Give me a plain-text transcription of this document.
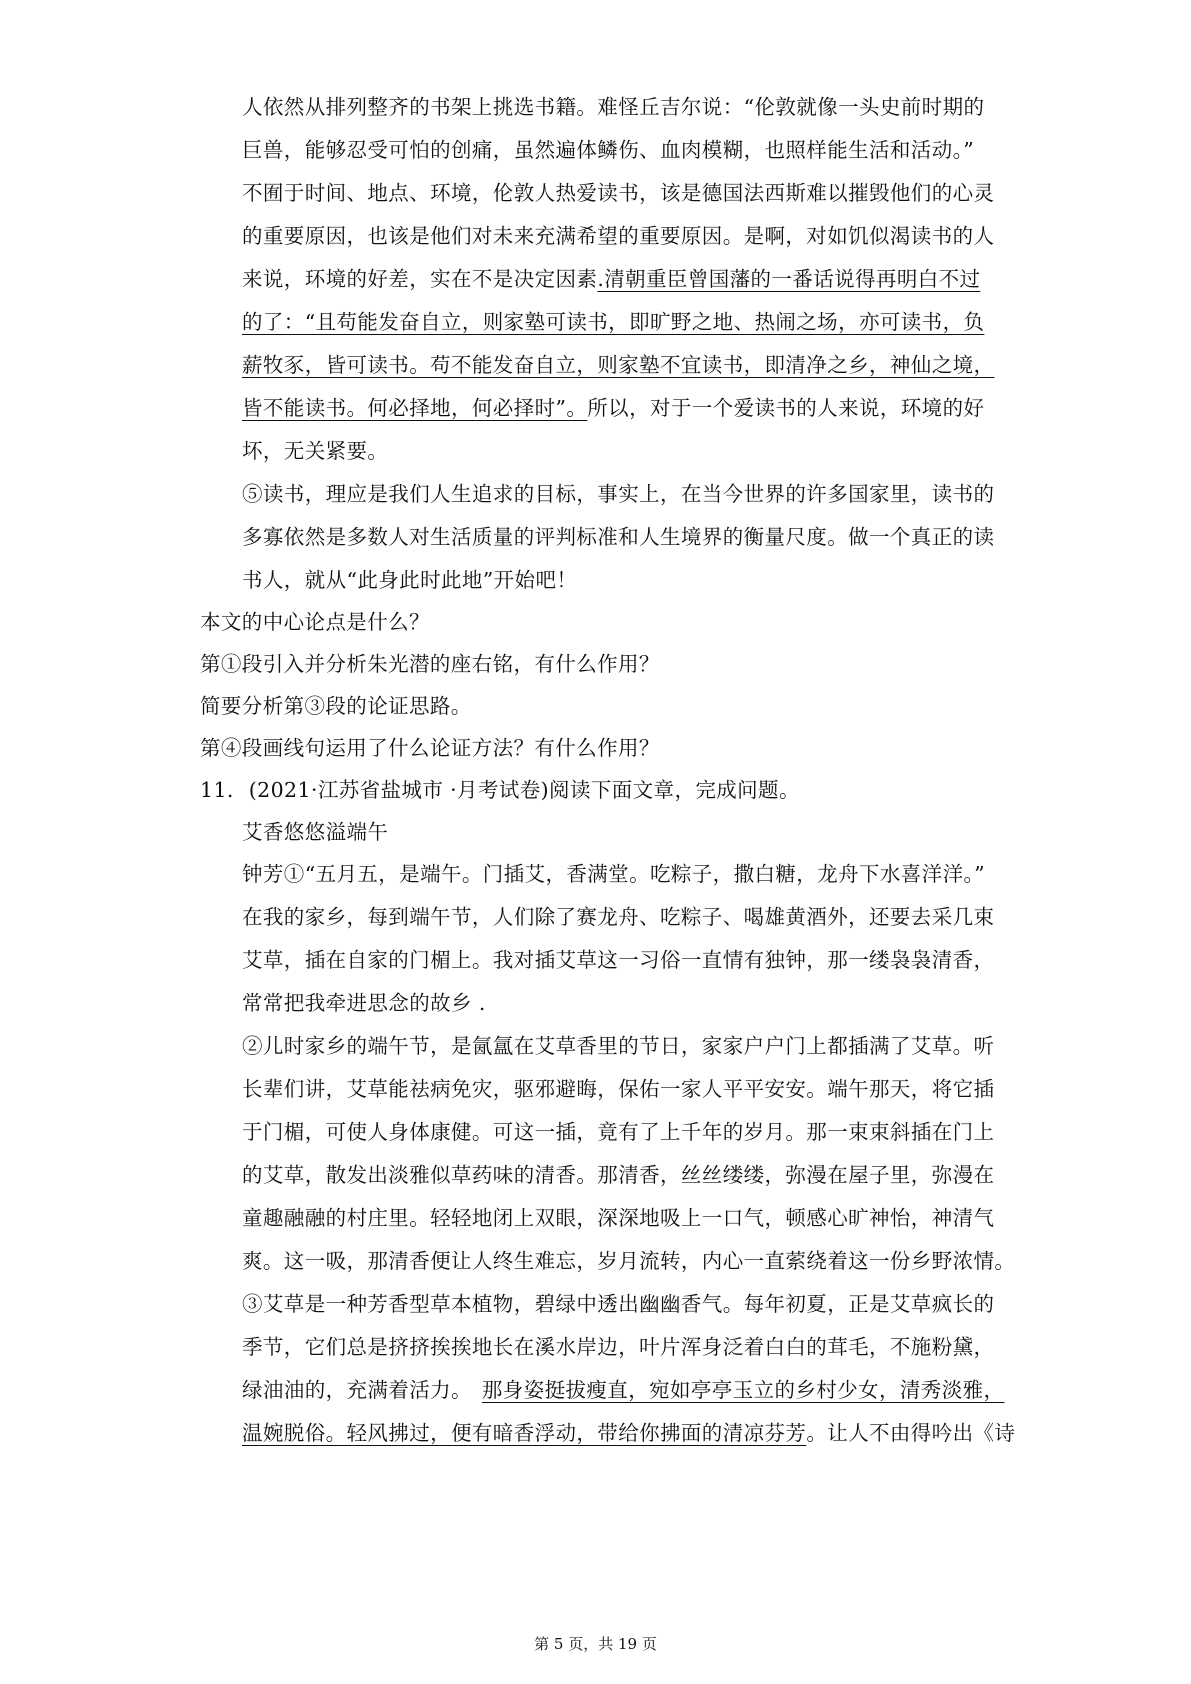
人依然从排列整齐的书架上挑选书籍。难怪丘吉尔说：“伦敦就像一头史前时期的
巨兽，能够忍受可怕的创痛，虽然遍体鳞伤、血肉模糊，也照样能生活和活动。”
不囿于时间、地点、环境，伦敦人热爱读书，该是德国法西斯难以摧毁他们的心灵
的重要原因，也该是他们对未来充满希望的重要原因。是啊，对如饥似渴读书的人
来说，环境的好差，实在不是决定因素.清朝重臣曾国藩的一番话说得再明白不过
的了：“且苟能发奋自立，则家塾可读书，即旷野之地、热闹之场，亦可读书，负
薪牧豕，皆可读书。苟不能发奋自立，则家塾不宜读书，即清净之乡，神仙之境，
皆不能读书。何必择地，何必择时”。所以，对于一个爱读书的人来说，环境的好
坏，无关紧要。
⑤读书，理应是我们人生追求的目标，事实上，在当今世界的许多国家里，读书的
多寡依然是多数人对生活质量的评判标准和人生境界的衡量尺度。做一个真正的读
书人，就从“此身此时此地”开始吧！
本文的中心论点是什么？
第①段引入并分析朱光潜的座右铭，有什么作用？
简要分析第③段的论证思路。
第④段画线句运用了什么论证方法？有什么作用？
11. (2021·江苏省盐城市 ·月考试卷)阅读下面文章，完成问题。
艾香悠悠溢端午
钟芳①“五月五，是端午。门插艾，香满堂。吃粽子，撒白糖，龙舟下水喜洋洋。”
在我的家乡，每到端午节，人们除了赛龙舟、吃粽子、喝雄黄酒外，还要去采几束
艾草，插在自家的门楣上。我对插艾草这一习俗一直情有独钟，那一缕袅袅清香，
常常把我牵进思念的故乡 .
②儿时家乡的端午节，是氤氲在艾草香里的节日，家家户户门上都插满了艾草。听
长辈们讲，艾草能祛病免灾，驱邪避晦，保佑一家人平平安安。端午那天，将它插
于门楣，可使人身体康健。可这一插，竟有了上千年的岁月。那一束束斜插在门上
的艾草，散发出淡雅似草药味的清香。那清香，丝丝缕缕，弥漫在屋子里，弥漫在
童趣融融的村庄里。轻轻地闭上双眼，深深地吸上一口气，顿感心旷神怡，神清气
爽。这一吸，那清香便让人终生难忘，岁月流转，内心一直萦绕着这一份乡野浓情。
③艾草是一种芳香型草本植物，碧绿中透出幽幽香气。每年初夏，正是艾草疯长的
季节，它们总是挤挤挨挨地长在溪水岸边，叶片浑身泛着白白的茸毛，不施粉黛，
绿油油的，充满着活力。 那身姿挺拔瘦直，宛如亭亭玉立的乡村少女，清秀淡雅，
温婉脱俗。轻风拂过，便有暗香浮动，带给你拂面的清凉芬芳。让人不由得吟出《诗
第 5 页，共 19 页
